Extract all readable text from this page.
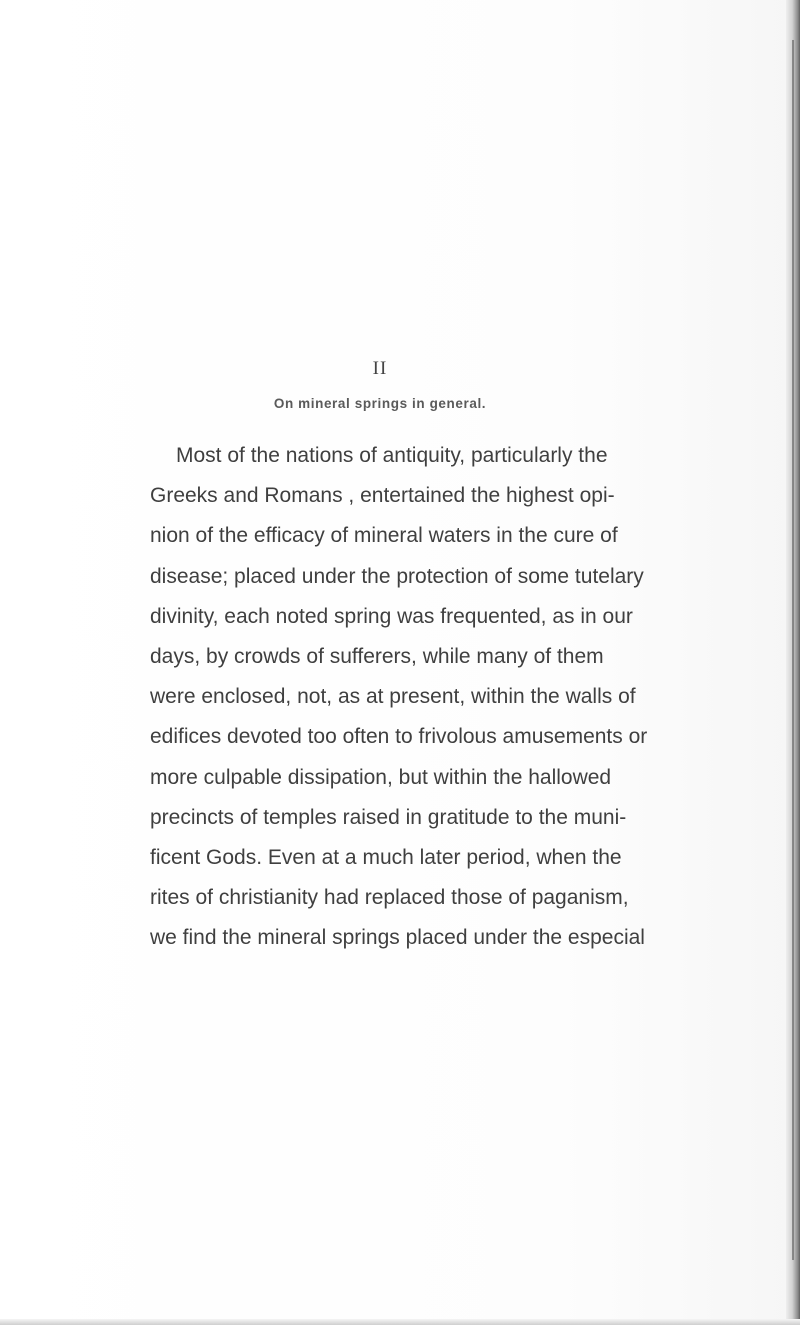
II
On mineral springs in general.

Most of the nations of antiquity, particularly the
Greeks and Romans , entertained the highest opi-
nion of the efficacy of mineral waters in the cure of
disease; placed under the protection of some tutelary
divinity, each noted spring was frequented, as in our
days, by crowds of sufferers, while many of them
were enclosed, not, as at present, within the walls of
edifices devoted too often to frivolous amusements or
more culpable dissipation, but within the hallowed
precincts of temples raised in gratitude to the muni-
ficent Gods. Even at a much later period, when the
rites of christianity had replaced those of paganism,
we find the mineral springs placed under the especial
